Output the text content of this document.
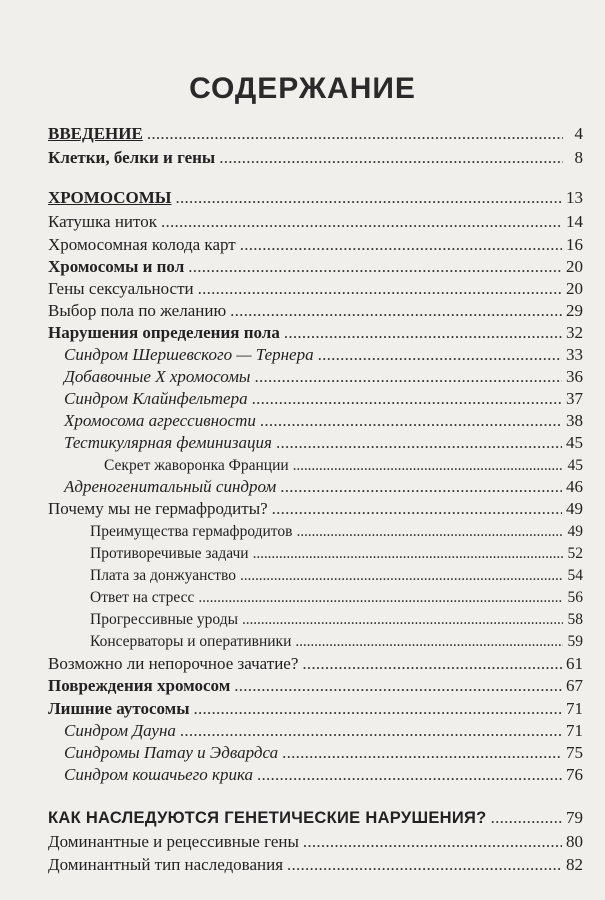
СОДЕРЖАНИЕ
ВВЕДЕНИЕ . . .	4
Клетки, белки и гены . . .	8
ХРОМОСОМЫ . . .	13
Катушка ниток . . .	14
Хромосомная колода карт . . .	16
Хромосомы и пол . . .	20
Гены сексуальности . . .	20
Выбор пола по желанию . . .	29
Нарушения определения пола . . .	32
Синдром Шершевского — Тернера . . .	33
Добавочные X хромосомы . . .	36
Синдром Клайнфельтера . . .	37
Хромосома агрессивности . . .	38
Тестикулярная феминизация . . .	45
Секрет жаворонка Франции . . .	45
Адреногенитальный синдром . . .	46
Почему мы не гермафродиты? . . .	49
Преимущества гермафродитов . . .	49
Противоречивые задачи . . .	52
Плата за донжуанство . . .	54
Ответ на стресс . . .	56
Прогрессивные уроды . . .	58
Консерваторы и оперативники . . .	59
Возможно ли непорочное зачатие? . . .	61
Повреждения хромосом . . .	67
Лишние аутосомы . . .	71
Синдром Дауна . . .	71
Синдромы Патау и Эдвардса . . .	75
Синдром кошачьего крика . . .	76
КАК НАСЛЕДУЮТСЯ ГЕНЕТИЧЕСКИЕ НАРУШЕНИЯ? . . .	79
Доминантные и рецессивные гены . . .	80
Доминантный тип наследования . . .	82
